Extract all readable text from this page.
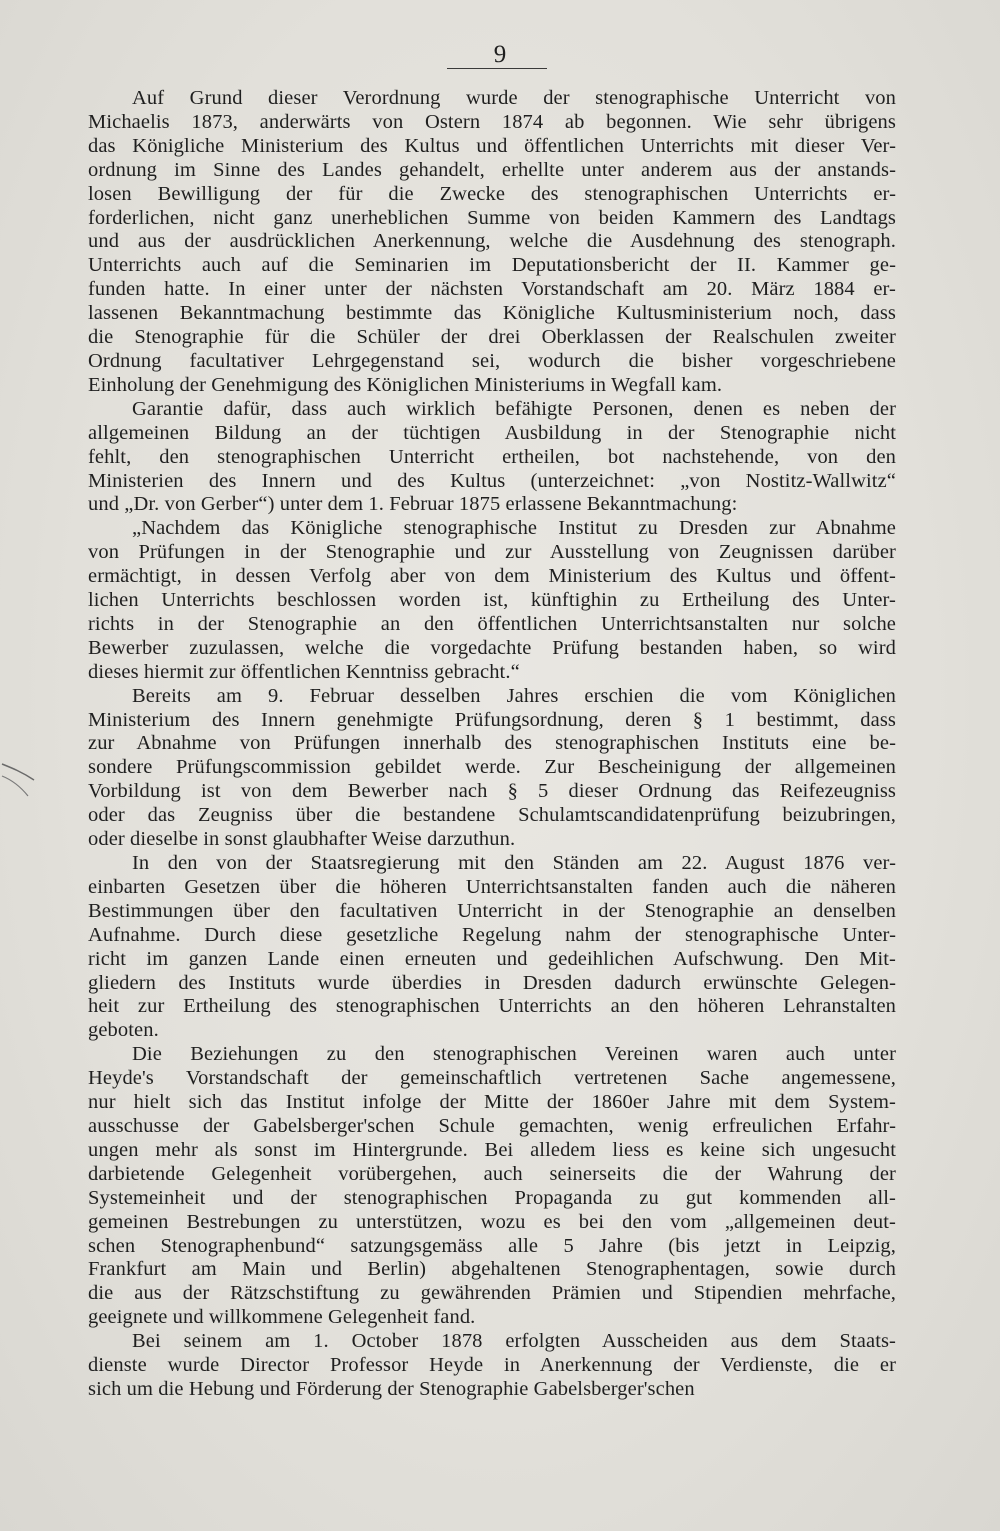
9

Auf Grund dieser Verordnung wurde der stenographische Unterricht von

Michaelis 1873, anderwärts von Ostern 1874 ab begonnen. Wie sehr übrigens

das Königliche Ministerium des Kultus und öffentlichen Unterrichts mit dieser Ver-

ordnung im Sinne des Landes gehandelt, erhellte unter anderem aus der anstands-

losen Bewilligung der für die Zwecke des stenographischen Unterrichts er-

forderlichen, nicht ganz unerheblichen Summe von beiden Kammern des Landtags

und aus der ausdrücklichen Anerkennung, welche die Ausdehnung des stenograph.

Unterrichts auch auf die Seminarien im Deputationsbericht der II. Kammer ge-

funden hatte. In einer unter der nächsten Vorstandschaft am 20. März 1884 er-

lassenen Bekanntmachung bestimmte das Königliche Kultusministerium noch, dass

die Stenographie für die Schüler der drei Oberklassen der Realschulen zweiter

Ordnung facultativer Lehrgegenstand sei, wodurch die bisher vorgeschriebene

Einholung der Genehmigung des Königlichen Ministeriums in Wegfall kam.

Garantie dafür, dass auch wirklich befähigte Personen, denen es neben der

allgemeinen Bildung an der tüchtigen Ausbildung in der Stenographie nicht

fehlt, den stenographischen Unterricht ertheilen, bot nachstehende, von den

Ministerien des Innern und des Kultus (unterzeichnet: „von Nostitz-Wallwitz“

und „Dr. von Gerber“) unter dem 1. Februar 1875 erlassene Bekanntmachung:

„Nachdem das Königliche stenographische Institut zu Dresden zur Abnahme

von Prüfungen in der Stenographie und zur Ausstellung von Zeugnissen darüber

ermächtigt, in dessen Verfolg aber von dem Ministerium des Kultus und öffent-

lichen Unterrichts beschlossen worden ist, künftighin zu Ertheilung des Unter-

richts in der Stenographie an den öffentlichen Unterrichtsanstalten nur solche

Bewerber zuzulassen, welche die vorgedachte Prüfung bestanden haben, so wird

dieses hiermit zur öffentlichen Kenntniss gebracht.“

Bereits am 9. Februar desselben Jahres erschien die vom Königlichen

Ministerium des Innern genehmigte Prüfungsordnung, deren § 1 bestimmt, dass

zur Abnahme von Prüfungen innerhalb des stenographischen Instituts eine be-

sondere Prüfungscommission gebildet werde. Zur Bescheinigung der allgemeinen

Vorbildung ist von dem Bewerber nach § 5 dieser Ordnung das Reifezeugniss

oder das Zeugniss über die bestandene Schulamtscandidatenprüfung beizubringen,

oder dieselbe in sonst glaubhafter Weise darzuthun.

In den von der Staatsregierung mit den Ständen am 22. August 1876 ver-

einbarten Gesetzen über die höheren Unterrichtsanstalten fanden auch die näheren

Bestimmungen über den facultativen Unterricht in der Stenographie an denselben

Aufnahme. Durch diese gesetzliche Regelung nahm der stenographische Unter-

richt im ganzen Lande einen erneuten und gedeihlichen Aufschwung. Den Mit-

gliedern des Instituts wurde überdies in Dresden dadurch erwünschte Gelegen-

heit zur Ertheilung des stenographischen Unterrichts an den höheren Lehranstalten

geboten.

Die Beziehungen zu den stenographischen Vereinen waren auch unter

Heyde's Vorstandschaft der gemeinschaftlich vertretenen Sache angemessene,

nur hielt sich das Institut infolge der Mitte der 1860er Jahre mit dem System-

ausschusse der Gabelsberger'schen Schule gemachten, wenig erfreulichen Erfahr-

ungen mehr als sonst im Hintergrunde. Bei alledem liess es keine sich ungesucht

darbietende Gelegenheit vorübergehen, auch seinerseits die der Wahrung der

Systemeinheit und der stenographischen Propaganda zu gut kommenden all-

gemeinen Bestrebungen zu unterstützen, wozu es bei den vom „allgemeinen deut-

schen Stenographenbund“ satzungsgemäss alle 5 Jahre (bis jetzt in Leipzig,

Frankfurt am Main und Berlin) abgehaltenen Stenographentagen, sowie durch

die aus der Rätzschstiftung zu gewährenden Prämien und Stipendien mehrfache,

geeignete und willkommene Gelegenheit fand.

Bei seinem am 1. October 1878 erfolgten Ausscheiden aus dem Staats-

dienste wurde Director Professor Heyde in Anerkennung der Verdienste, die er

sich um die Hebung und Förderung der Stenographie Gabelsberger'schen
